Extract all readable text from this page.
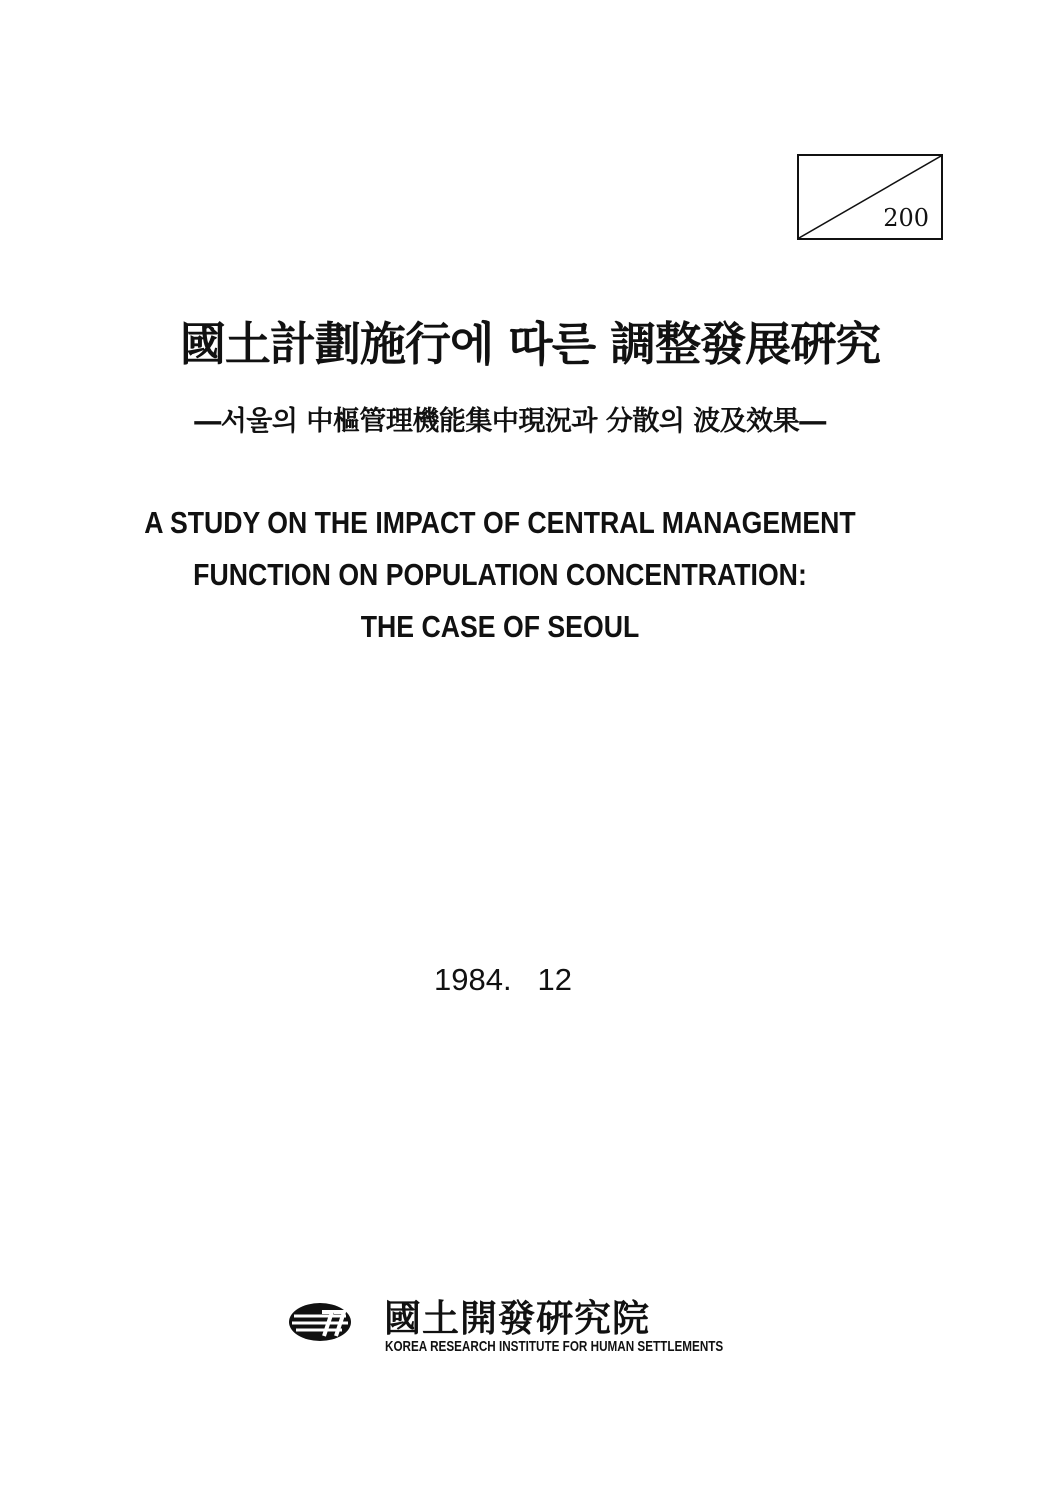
200
國土計劃施行에 따른 調整發展硏究
―서울의 中樞管理機能集中現況과 分散의 波及效果―
A STUDY ON THE IMPACT OF CENTRAL MANAGEMENT
FUNCTION ON POPULATION CONCENTRATION:
THE CASE OF SEOUL
1984.   12
國土開發硏究院
KOREA RESEARCH INSTITUTE FOR HUMAN SETTLEMENTS
